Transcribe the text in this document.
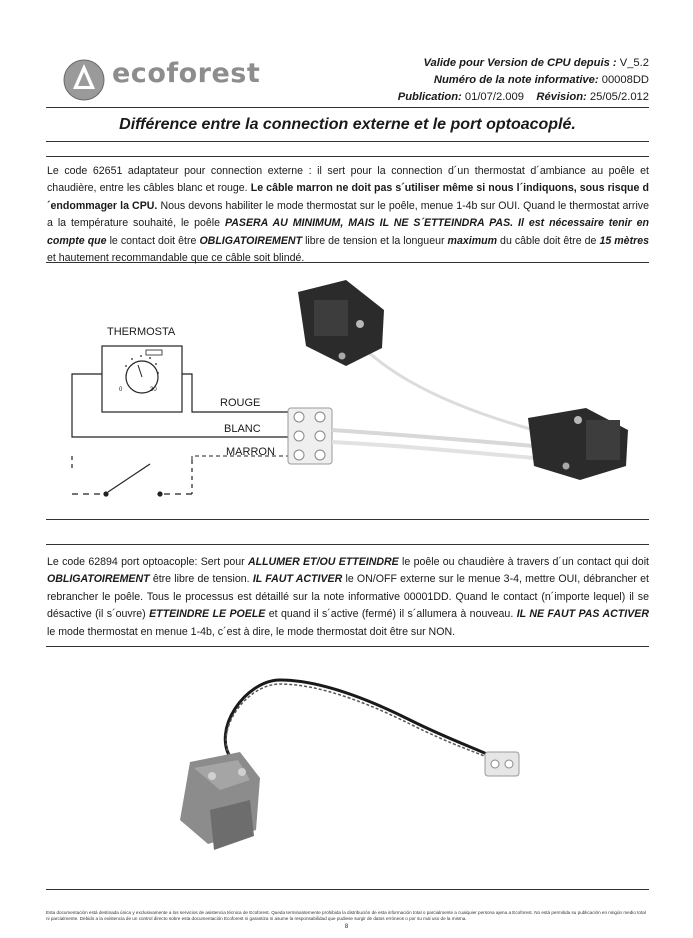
ecoforest	Valide pour Version de CPU depuis : V_5.2
Numéro de la note informative: 00008DD
Publication: 01/07/2.009 Révision: 25/05/2.012
Différence entre la connection externe et le port optoacoplé.
Le code 62651 adaptateur pour connection externe : il sert pour la connection d´un thermostat d´ambiance au poêle et chaudière, entre les câbles blanc et rouge. Le câble marron ne doit pas s´utiliser même si nous l´indiquons, sous risque d´endommager la CPU. Nous devons habiliter le mode thermostat sur le poêle, menue 1-4b sur OUI. Quand le thermostat arrive a la température souhaité, le poêle PASERA AU MINIMUM, MAIS IL NE S´ETTEINDRA PAS. Il est nécessaire tenir en compte que le contact doit être OBLIGATOIREMENT libre de tension et la longueur maximum du câble doit être de 15 mètres et hautement recommandable que ce câble soit blindé.
THERMOSTA
ROUGE
BLANC
MARRON
0	30
Le code 62894 port optoacople: Sert pour ALLUMER ET/OU ETTEINDRE le poêle ou chaudière à travers d´un contact qui doit OBLIGATOIREMENT être libre de tension. IL FAUT ACTIVER le ON/OFF externe sur le menue 3-4, mettre OUI, débrancher et rebrancher le poêle. Tous le processus est détaillé sur la note informative 00001DD. Quand le contact (n´importe lequel) il se désactive (il s´ouvre) ETTEINDRE LE POELE et quand il s´active (fermé) il s´allumera à nouveau. IL NE FAUT PAS ACTIVER le mode thermostat en menue 1-4b, c´est à dire, le mode thermostat doit être sur NON.
Esta documentación está destinada única y exclusivamente a los servicios de asistencia técnica de Ecoforest. Queda terminantemente prohibida la distribución de esta información total o parcialmente a cualquier persona ajena a Ecoforest. No está permitida su publicación en ningún medio total ni parcialmente. Debido a la existencia de un control directo sobre esta documentación Ecoforest ni garantiza ni asume la responsabilidad que pudiese surgir de datos erróneos o por su mal uso de la misma.
8
